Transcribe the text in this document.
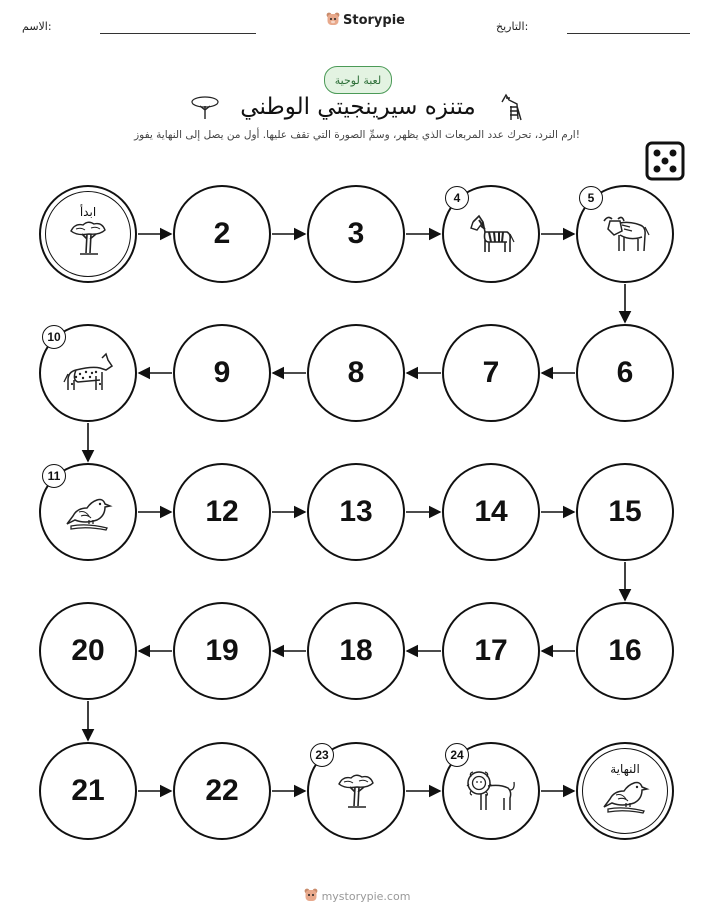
الاسم:	Storypie	التاريخ:
لعبة لوحية
متنزه سيرينجيتي الوطني
ارم النرد، تحرك عدد المربعات الذي يظهر، وسمِّ الصورة التي تقف عليها. أول من يصل إلى النهاية يفوز!
ابدأ
2	3
4	5
6
7
8
9
10
11
12	13	14	15
16
17
18
19
20
21	22
23	24
النهاية
mystorypie.com
